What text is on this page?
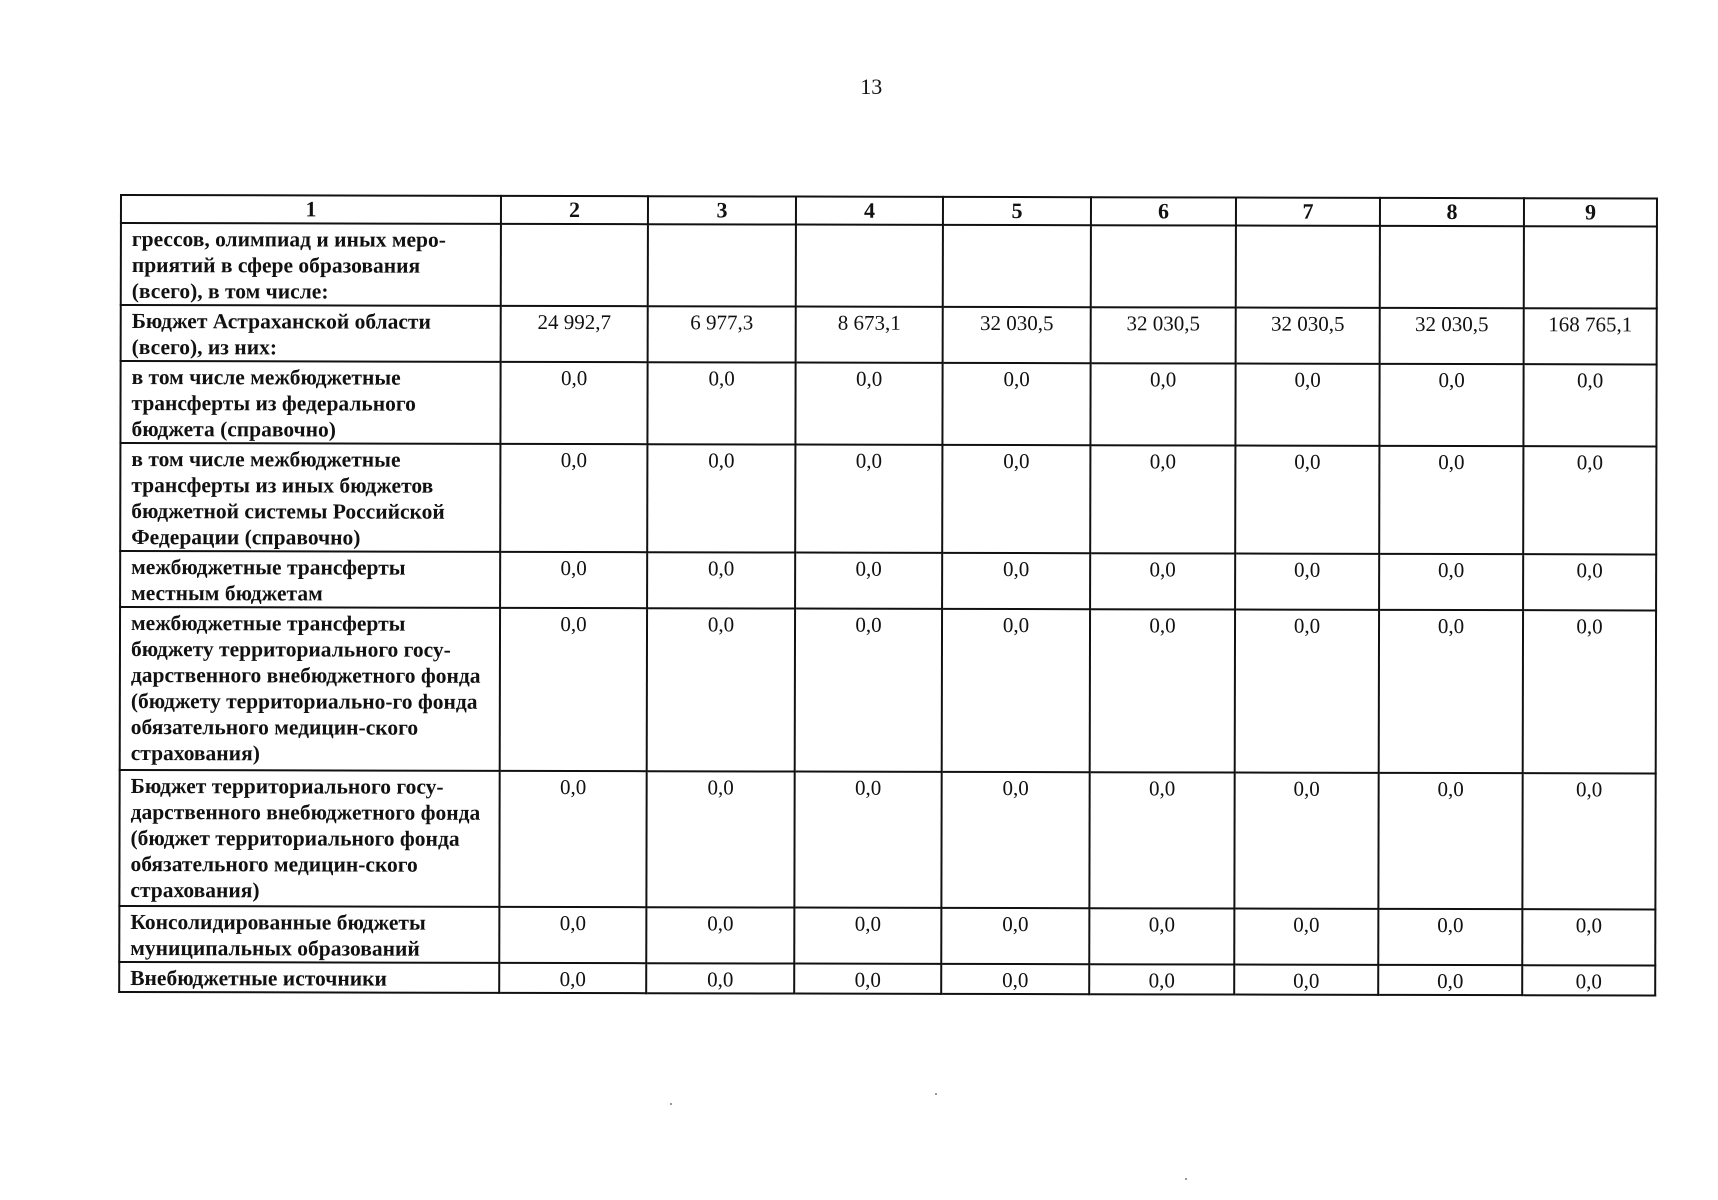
13
1	2	3	4	5	6	7	8	9
грессов, олимпиад и иных меро-приятий в сфере образования (всего), в том числе:								
Бюджет Астраханской области (всего), из них:	24 992,7	6 977,3	8 673,1	32 030,5	32 030,5	32 030,5	32 030,5	168 765,1
в том числе межбюджетные трансферты из федерального бюджета (справочно)	0,0	0,0	0,0	0,0	0,0	0,0	0,0	0,0
в том числе межбюджетные трансферты из иных бюджетов бюджетной системы Российской Федерации (справочно)	0,0	0,0	0,0	0,0	0,0	0,0	0,0	0,0
межбюджетные трансферты местным бюджетам	0,0	0,0	0,0	0,0	0,0	0,0	0,0	0,0
межбюджетные трансферты бюджету территориального госу-дарственного внебюджетного фонда (бюджету территориально-го фонда обязательного медицин-ского страхования)	0,0	0,0	0,0	0,0	0,0	0,0	0,0	0,0
Бюджет территориального госу-дарственного внебюджетного фонда (бюджет территориального фонда обязательного медицин-ского страхования)	0,0	0,0	0,0	0,0	0,0	0,0	0,0	0,0
Консолидированные бюджеты муниципальных образований	0,0	0,0	0,0	0,0	0,0	0,0	0,0	0,0
Внебюджетные источники	0,0	0,0	0,0	0,0	0,0	0,0	0,0	0,0
